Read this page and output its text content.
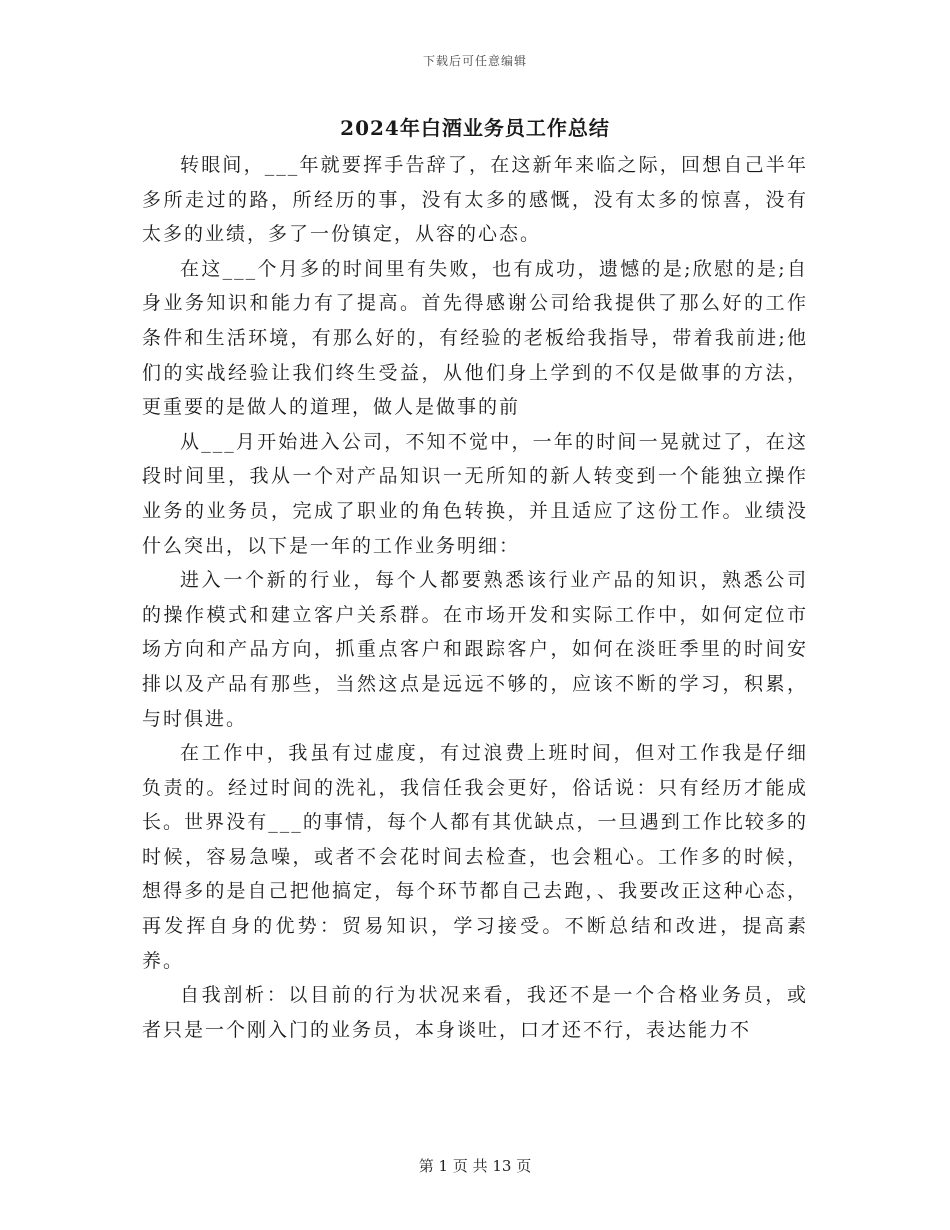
下载后可任意编辑
2024年白酒业务员工作总结

转眼间，___年就要挥手告辞了，在这新年来临之际，回想自己半年多所走过的路，所经历的事，没有太多的感慨，没有太多的惊喜，没有太多的业绩，多了一份镇定，从容的心态。

在这___个月多的时间里有失败，也有成功，遗憾的是;欣慰的是;自身业务知识和能力有了提高。首先得感谢公司给我提供了那么好的工作条件和生活环境，有那么好的，有经验的老板给我指导，带着我前进;他们的实战经验让我们终生受益，从他们身上学到的不仅是做事的方法，更重要的是做人的道理，做人是做事的前

从___月开始进入公司，不知不觉中，一年的时间一晃就过了，在这段时间里，我从一个对产品知识一无所知的新人转变到一个能独立操作业务的业务员，完成了职业的角色转换，并且适应了这份工作。业绩没什么突出，以下是一年的工作业务明细：

进入一个新的行业，每个人都要熟悉该行业产品的知识，熟悉公司的操作模式和建立客户关系群。在市场开发和实际工作中，如何定位市场方向和产品方向，抓重点客户和跟踪客户，如何在淡旺季里的时间安排以及产品有那些，当然这点是远远不够的，应该不断的学习，积累，与时俱进。

在工作中，我虽有过虚度，有过浪费上班时间，但对工作我是仔细负责的。经过时间的洗礼，我信任我会更好，俗话说：只有经历才能成长。世界没有___的事情，每个人都有其优缺点，一旦遇到工作比较多的时候，容易急噪，或者不会花时间去检查，也会粗心。工作多的时候，想得多的是自己把他搞定，每个环节都自己去跑，、我要改正这种心态，再发挥自身的优势：贸易知识，学习接受。不断总结和改进，提高素养。

自我剖析：以目前的行为状况来看，我还不是一个合格业务员，或者只是一个刚入门的业务员，本身谈吐，口才还不行，表达能力不

第 1 页 共 13 页
